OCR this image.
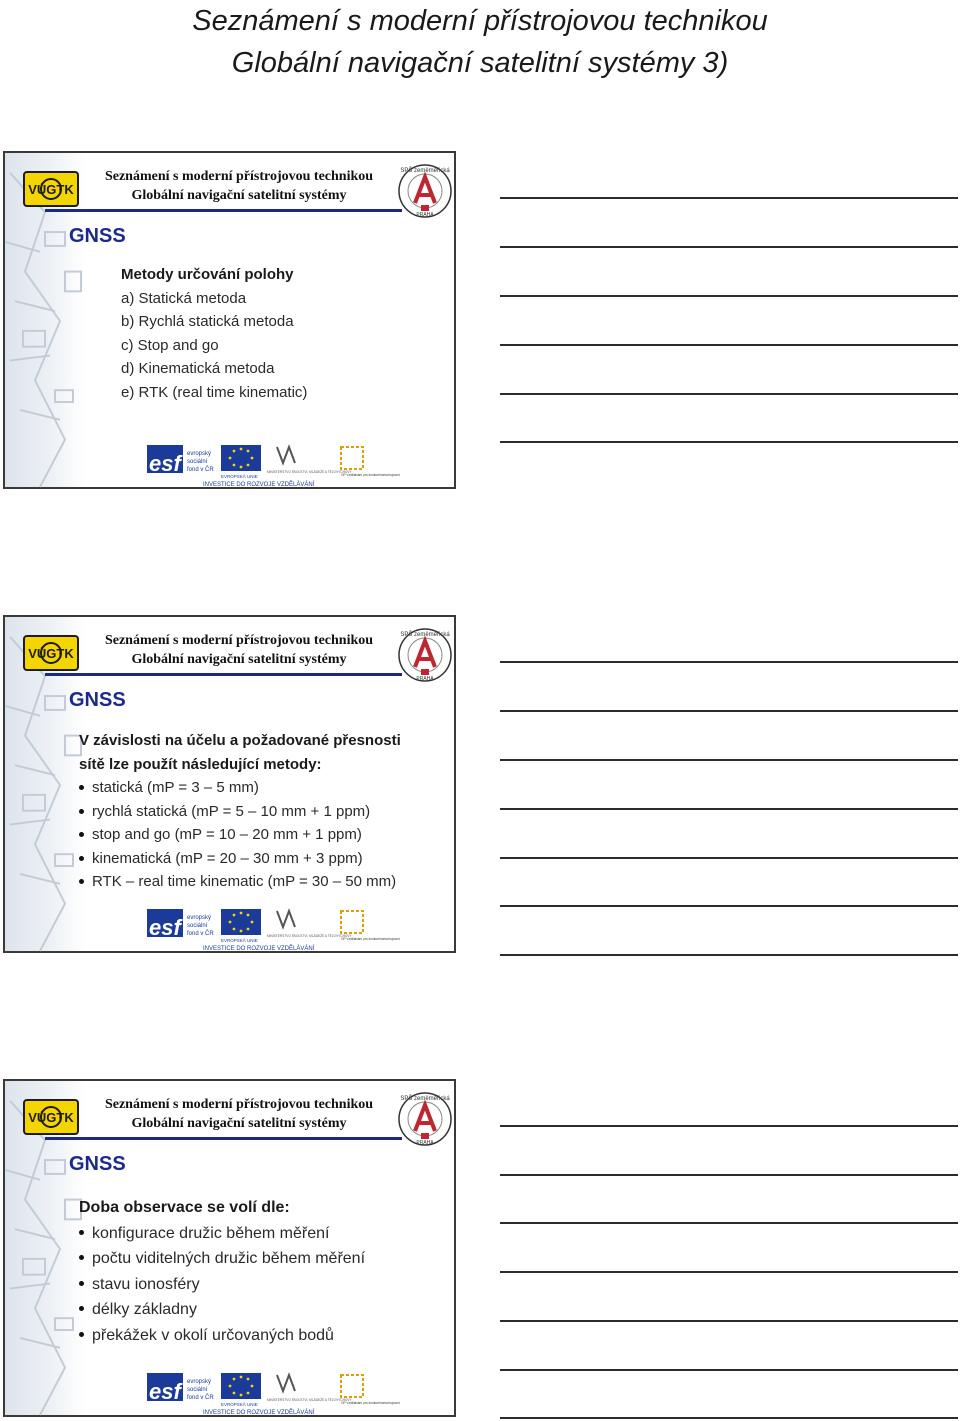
Seznámení s moderní přístrojovou technikou
Globální navigační satelitní systémy 3)
VÚGTK
Seznámení s moderní přístrojovou technikou
Globální navigační satelitní systémy
SPŠ zeměměřická
PRAHA
GNSS
Metody určování polohy
a) Statická metoda
b) Rychlá statická metoda
c) Stop and go
d) Kinematická metoda
e) RTK (real time kinematic)
esf	evropský
sociální
fond v ČR
EVROPSKÁ UNIE
MINISTERSTVO ŠKOLSTVÍ, MLÁDEŽE A TĚLOVÝCHOVY
OP Vzdělávání pro konkurenceschopnost
INVESTICE DO ROZVOJE VZDĚLÁVÁNÍ
VÚGTK
Seznámení s moderní přístrojovou technikou
Globální navigační satelitní systémy
SPŠ zeměměřická
PRAHA
GNSS
V závislosti na účelu a požadované přesnosti
sítě lze použít následující metody:
statická (mP = 3 – 5 mm)
rychlá statická (mP = 5 – 10 mm + 1 ppm)
stop and go (mP = 10 – 20 mm + 1 ppm)
kinematická (mP = 20 – 30 mm + 3 ppm)
RTK – real time kinematic (mP = 30 – 50 mm)
esf	evropský
sociální
fond v ČR
EVROPSKÁ UNIE
MINISTERSTVO ŠKOLSTVÍ, MLÁDEŽE A TĚLOVÝCHOVY
OP Vzdělávání pro konkurenceschopnost
INVESTICE DO ROZVOJE VZDĚLÁVÁNÍ
VÚGTK
Seznámení s moderní přístrojovou technikou
Globální navigační satelitní systémy
SPŠ zeměměřická
PRAHA
GNSS
Doba observace se volí dle:
konfigurace družic během měření
počtu viditelných družic během měření
stavu ionosféry
délky základny
překážek v okolí určovaných bodů
esf	evropský
sociální
fond v ČR
EVROPSKÁ UNIE
MINISTERSTVO ŠKOLSTVÍ, MLÁDEŽE A TĚLOVÝCHOVY
OP Vzdělávání pro konkurenceschopnost
INVESTICE DO ROZVOJE VZDĚLÁVÁNÍ
